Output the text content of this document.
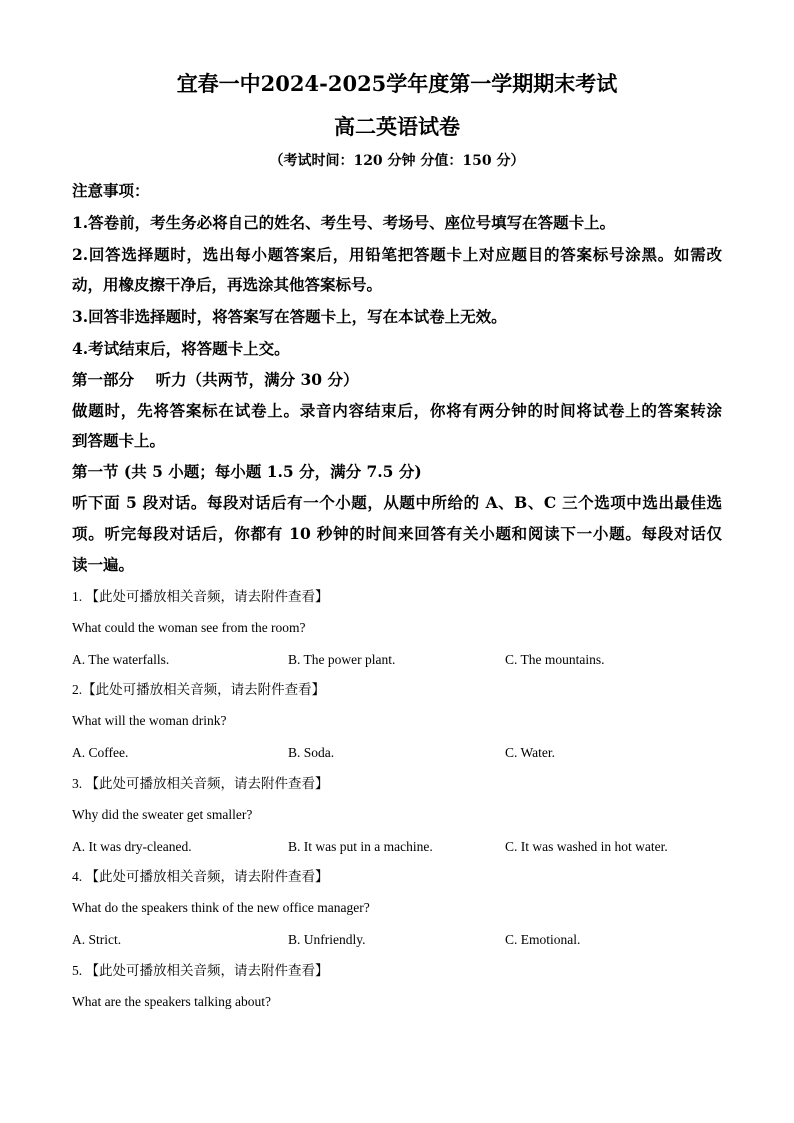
宜春一中2024-2025学年度第一学期期末考试
高二英语试卷
（考试时间：120 分钟 分值：150 分）
注意事项：
1.答卷前，考生务必将自己的姓名、考生号、考场号、座位号填写在答题卡上。
2.回答选择题时，选出每小题答案后，用铅笔把答题卡上对应题目的答案标号涂黑。如需改
动，用橡皮擦干净后，再选涂其他答案标号。
3.回答非选择题时，将答案写在答题卡上，写在本试卷上无效。
4.考试结束后，将答题卡上交。
第一部分    听力（共两节，满分 30 分）
做题时，先将答案标在试卷上。录音内容结束后，你将有两分钟的时间将试卷上的答案转涂
到答题卡上。
第一节 (共 5 小题；每小题 1.5 分，满分 7.5 分)
听下面 5 段对话。每段对话后有一个小题，从题中所给的 A、B、C 三个选项中选出最佳选
项。听完每段对话后，你都有 10 秒钟的时间来回答有关小题和阅读下一小题。每段对话仅
读一遍。
1. 【此处可播放相关音频，请去附件查看】
What could the woman see from the room?
A. The waterfalls.	B. The power plant.	C. The mountains.
2.【此处可播放相关音频，请去附件查看】
What will the woman drink?
A. Coffee.	B. Soda.	C. Water.
3. 【此处可播放相关音频，请去附件查看】
Why did the sweater get smaller?
A. It was dry-cleaned.	B. It was put in a machine.	C. It was washed in hot water.
4. 【此处可播放相关音频，请去附件查看】
What do the speakers think of the new office manager?
A. Strict.	B. Unfriendly.	C. Emotional.
5. 【此处可播放相关音频，请去附件查看】
What are the speakers talking about?
